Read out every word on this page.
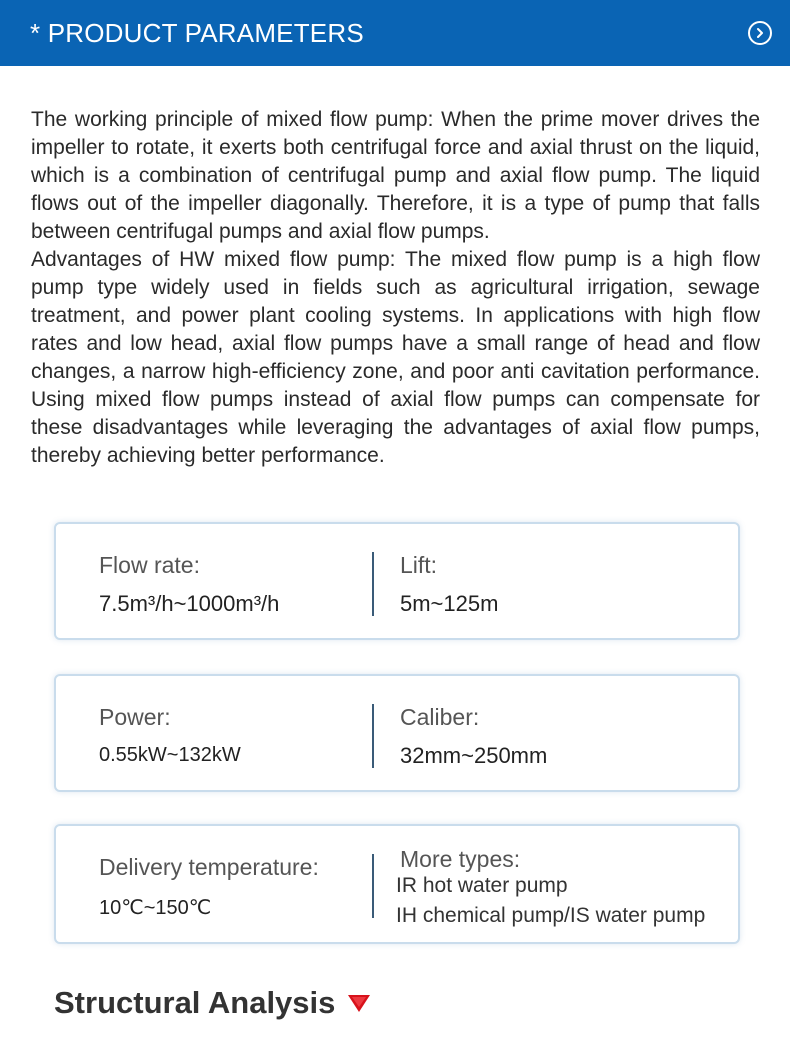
* PRODUCT PARAMETERS

The working principle of mixed flow pump: When the prime mover drives the impeller to rotate, it exerts both centrifugal force and axial thrust on the liquid, which is a combination of centrifugal pump and axial flow pump. The liquid flows out of the impeller diagonally. Therefore, it is a type of pump that falls between centrifugal pumps and axial flow pumps.

Advantages of HW mixed flow pump: The mixed flow pump is a high flow pump type widely used in fields such as agricultural irrigation, sewage treatment, and power plant cooling systems. In applications with high flow rates and low head, axial flow pumps have a small range of head and flow changes, a narrow high-efficiency zone, and poor anti cavitation performance. Using mixed flow pumps instead of axial flow pumps can compensate for these disadvantages while leveraging the advantages of axial flow pumps, thereby achieving better performance.

Flow rate:
7.5m³/h~1000m³/h
Lift:
5m~125m
Power:
0.55kW~132kW
Caliber:
32mm~250mm
Delivery temperature:
10℃~150℃
More types:
IR hot water pump
IH chemical pump/IS water pump
Structural Analysis
